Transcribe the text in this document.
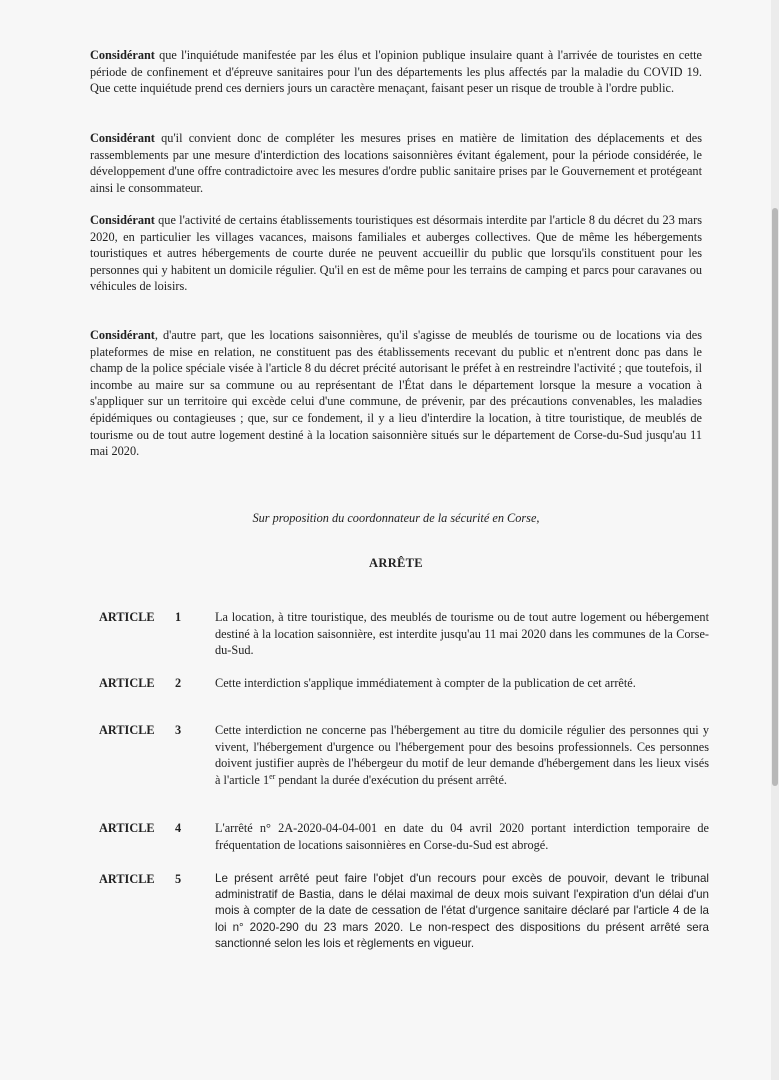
Considérant que l'inquiétude manifestée par les élus et l'opinion publique insulaire quant à l'arrivée de touristes en cette période de confinement et d'épreuve sanitaires pour l'un des départements les plus affectés par la maladie du COVID 19. Que cette inquiétude prend ces derniers jours un caractère menaçant, faisant peser un risque de trouble à l'ordre public.
Considérant qu'il convient donc de compléter les mesures prises en matière de limitation des déplacements et des rassemblements par une mesure d'interdiction des locations saisonnières évitant également, pour la période considérée, le développement d'une offre contradictoire avec les mesures d'ordre public sanitaire prises par le Gouvernement et protégeant ainsi le consommateur.
Considérant que l'activité de certains établissements touristiques est désormais interdite par l'article 8 du décret du 23 mars 2020, en particulier les villages vacances, maisons familiales et auberges collectives. Que de même les hébergements touristiques et autres hébergements de courte durée ne peuvent accueillir du public que lorsqu'ils constituent pour les personnes qui y habitent un domicile régulier. Qu'il en est de même pour les terrains de camping et parcs pour caravanes ou véhicules de loisirs.
Considérant, d'autre part, que les locations saisonnières, qu'il s'agisse de meublés de tourisme ou de locations via des plateformes de mise en relation, ne constituent pas des établissements recevant du public et n'entrent donc pas dans le champ de la police spéciale visée à l'article 8 du décret précité autorisant le préfet à en restreindre l'activité ; que toutefois, il incombe au maire sur sa commune ou au représentant de l'État dans le département lorsque la mesure a vocation à s'appliquer sur un territoire qui excède celui d'une commune, de prévenir, par des précautions convenables, les maladies épidémiques ou contagieuses ; que, sur ce fondement, il y a lieu d'interdire la location, à titre touristique, de meublés de tourisme ou de tout autre logement destiné à la location saisonnière situés sur le département de Corse-du-Sud jusqu'au 11 mai 2020.
Sur proposition du coordonnateur de la sécurité en Corse,
ARRÊTE
ARTICLE 1	La location, à titre touristique, des meublés de tourisme ou de tout autre logement ou hébergement destiné à la location saisonnière, est interdite jusqu'au 11 mai 2020 dans les communes de la Corse-du-Sud.
ARTICLE 2	Cette interdiction s'applique immédiatement à compter de la publication de cet arrêté.
ARTICLE 3	Cette interdiction ne concerne pas l'hébergement au titre du domicile régulier des personnes qui y vivent, l'hébergement d'urgence ou l'hébergement pour des besoins professionnels. Ces personnes doivent justifier auprès de l'hébergeur du motif de leur demande d'hébergement dans les lieux visés à l'article 1er pendant la durée d'exécution du présent arrêté.
ARTICLE 4	L'arrêté n° 2A-2020-04-04-001 en date du 04 avril 2020 portant interdiction temporaire de fréquentation de locations saisonnières en Corse-du-Sud est abrogé.
ARTICLE 5	Le présent arrêté peut faire l'objet d'un recours pour excès de pouvoir, devant le tribunal administratif de Bastia, dans le délai maximal de deux mois suivant l'expiration d'un délai d'un mois à compter de la date de cessation de l'état d'urgence sanitaire déclaré par l'article 4 de la loi n° 2020-290 du 23 mars 2020. Le non-respect des dispositions du présent arrêté sera sanctionné selon les lois et règlements en vigueur.
